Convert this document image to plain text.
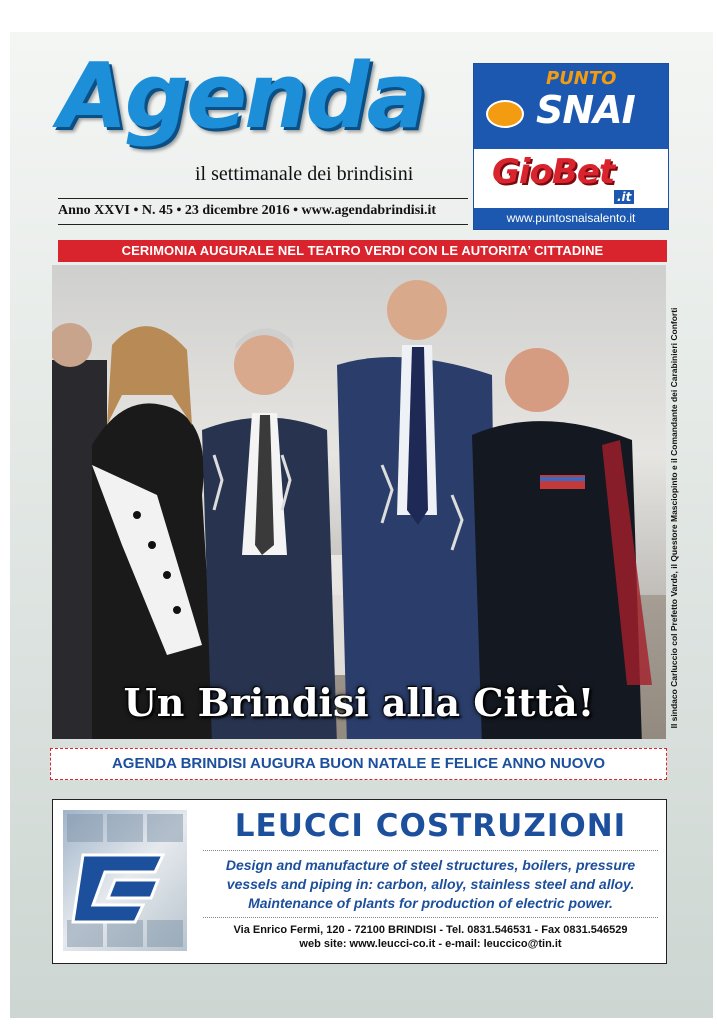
Agenda
il settimanale dei brindisini
Anno XXVI • N. 45 • 23 dicembre 2016 • www.agendabrindisi.it
PUNTO
SNAI
GioBet
.it
www.puntosnaisalento.it
CERIMONIA AUGURALE NEL TEATRO VERDI CON LE AUTORITA’ CITTADINE
Un Brindisi alla Città!	Il sindaco Carluccio col Prefetto Vardè, il Questore Masciopinto e il Comandante dei Carabinieri Conforti
AGENDA BRINDISI AUGURA BUON NATALE E FELICE ANNO NUOVO
LEUCCI COSTRUZIONI
Design and manufacture of steel structures, boilers, pressure
vessels and piping in: carbon, alloy, stainless steel and alloy.
Maintenance of plants for production of electric power.
Via Enrico Fermi, 120 - 72100 BRINDISI - Tel. 0831.546531 - Fax 0831.546529
web site: www.leucci-co.it - e-mail: leuccico@tin.it
